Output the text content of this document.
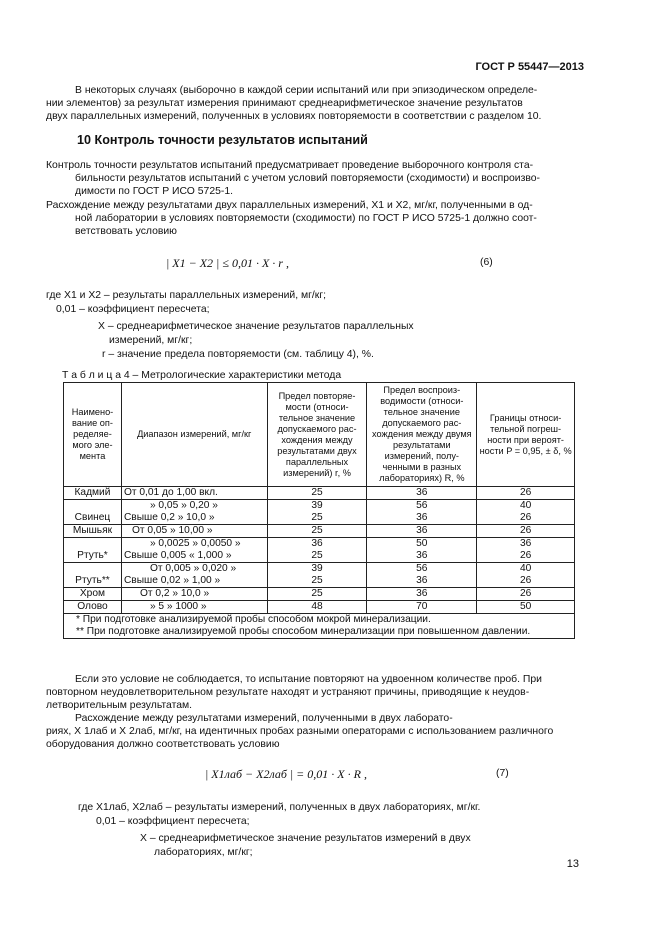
ГОСТ Р 55447—2013
В некоторых случаях (выборочно в каждой серии испытаний или при эпизодическом определе-
нии элементов) за результат измерения принимают среднеарифметическое значение результатов
двух параллельных измерений, полученных в условиях повторяемости в соответствии с разделом 10.
10 Контроль точности результатов испытаний
Контроль точности результатов испытаний предусматривает проведение выборочного контроля ста-
бильности результатов испытаний с учетом условий повторяемости (сходимости) и воспроизво-
димости по ГОСТ Р ИСО 5725-1.
Расхождение между результатами двух параллельных измерений, X1 и X2, мг/кг, полученными в од-
ной лаборатории в условиях повторяемости (сходимости) по ГОСТ Р ИСО 5725-1 должно соот-
ветствовать условию
| X1 − X2 | ≤ 0,01 · X · r ,	(6)
где X1 и X2 – результаты параллельных измерений, мг/кг;
0,01 – коэффициент пересчета;
X – среднеарифметическое значение результатов параллельных
измерений, мг/кг;
r – значение предела повторяемости (см. таблицу 4), %.
Т а б л и ц а 4 – Метрологические характеристики метода
Наимено-вание оп-ределяе-мого эле-мента	Диапазон измерений, мг/кг	Предел повторяе-мости (относи-тельное значение допускаемого рас-хождения между результатами двух параллельных измерений) r, %	Предел воспроиз-водимости (относи-тельное значение допускаемого рас-хождения между двумя результатами измерений, полу-ченными в разных лабораториях) R, %	Границы относи-тельной погреш-ности при вероят-ности P = 0,95, ± δ, %
Кадмий	От 0,01 до 1,00 вкл.	25	36	26
	» 0,05 » 0,20 »	39	56	40
Свинец	Свыше 0,2 » 10,0 »	25	36	26
Мышьяк	От 0,05 » 10,00 »	25	36	26
	» 0,0025 » 0,0050 »	36	50	36
Ртуть*	Свыше 0,005 « 1,000 »	25	36	26
	От 0,005 » 0,020 »	39	56	40
Ртуть**	Свыше 0,02 » 1,00 »	25	36	26
Хром	От 0,2 » 10,0 »	25	36	26
Олово	» 5 » 1000 »	48	70	50

* При подготовке анализируемой пробы способом мокрой минерализации.
** При подготовке анализируемой пробы способом минерализации при повышенном давлении.				
Если это условие не соблюдается, то испытание повторяют на удвоенном количестве проб. При
повторном неудовлетворительном результате находят и устраняют причины, приводящие к неудов-
летворительным результатам.
Расхождение между результатами измерений, полученными в двух лаборато-
риях, X 1лаб и X 2лаб, мг/кг, на идентичных пробах разными операторами с использованием различного
оборудования должно соответствовать условию
| X1лаб − X2лаб | = 0,01 · X · R ,	(7)
где X1лаб, X2лаб – результаты измерений, полученных в двух лабораториях, мг/кг.
0,01 – коэффициент пересчета;
X – среднеарифметическое значение результатов измерений в двух
лабораториях, мг/кг;
13
